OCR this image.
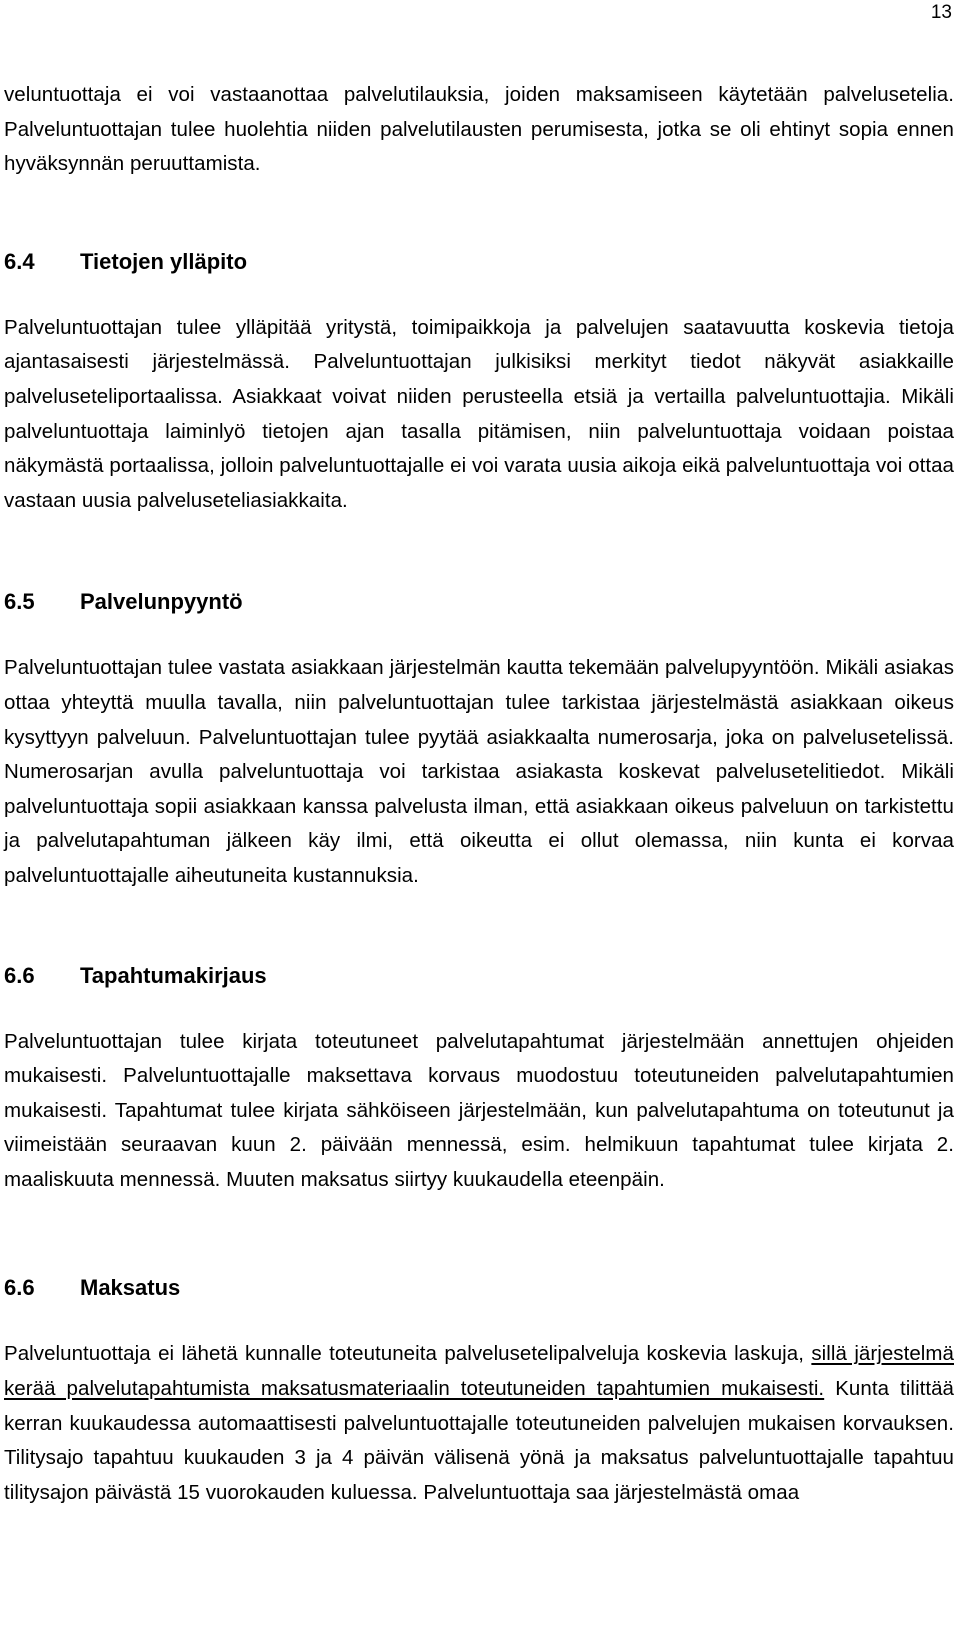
13

veluntuottaja ei voi vastaanottaa palvelutilauksia, joiden maksamiseen käytetään palvelusetelia. Palveluntuottajan tulee huolehtia niiden palvelutilausten perumisesta, jotka se oli ehtinyt sopia ennen hyväksynnän peruuttamista.

6.4	Tietojen ylläpito

Palveluntuottajan tulee ylläpitää yritystä, toimipaikkoja ja palvelujen saatavuutta koskevia tietoja ajantasaisesti järjestelmässä. Palveluntuottajan julkisiksi merkityt tiedot näkyvät asiakkaille palveluseteliportaalissa. Asiakkaat voivat niiden perusteella etsiä ja vertailla palveluntuottajia. Mikäli palveluntuottaja laiminlyö tietojen ajan tasalla pitämisen, niin palveluntuottaja voidaan poistaa näkymästä portaalissa, jolloin palveluntuottajalle ei voi varata uusia aikoja eikä palveluntuottaja voi ottaa vastaan uusia palveluseteliasiakkaita.

6.5	Palvelunpyyntö

Palveluntuottajan tulee vastata asiakkaan järjestelmän kautta tekemään palvelupyyntöön. Mikäli asiakas ottaa yhteyttä muulla tavalla, niin palveluntuottajan tulee tarkistaa järjestelmästä asiakkaan oikeus kysyttyyn palveluun. Palveluntuottajan tulee pyytää asiakkaalta numerosarja, joka on palvelusetelissä. Numerosarjan avulla palveluntuottaja voi tarkistaa asiakasta koskevat palvelusetelitiedot. Mikäli palveluntuottaja sopii asiakkaan kanssa palvelusta ilman, että asiakkaan oikeus palveluun on tarkistettu ja palvelutapahtuman jälkeen käy ilmi, että oikeutta ei ollut olemassa, niin kunta ei korvaa palveluntuottajalle aiheutuneita kustannuksia.

6.6	Tapahtumakirjaus

Palveluntuottajan tulee kirjata toteutuneet palvelutapahtumat järjestelmään annettujen ohjeiden mukaisesti. Palveluntuottajalle maksettava korvaus muodostuu toteutuneiden palvelutapahtumien mukaisesti. Tapahtumat tulee kirjata sähköiseen järjestelmään, kun palvelutapahtuma on toteutunut ja viimeistään seuraavan kuun 2. päivään mennessä, esim. helmikuun tapahtumat tulee kirjata 2. maaliskuuta mennessä. Muuten maksatus siirtyy kuukaudella eteenpäin.

6.6	Maksatus

Palveluntuottaja ei lähetä kunnalle toteutuneita palvelusetelipalveluja koskevia laskuja, sillä järjestelmä kerää palvelutapahtumista maksatusmateriaalin toteutuneiden tapahtumien mukaisesti. Kunta tilittää kerran kuukaudessa automaattisesti palveluntuottajalle toteutuneiden palvelujen mukaisen korvauksen. Tilitysajo tapahtuu kuukauden 3 ja 4 päivän välisenä yönä ja maksatus palveluntuottajalle tapahtuu tilitysajon päivästä 15 vuorokauden kuluessa. Palveluntuottaja saa järjestelmästä omaa
